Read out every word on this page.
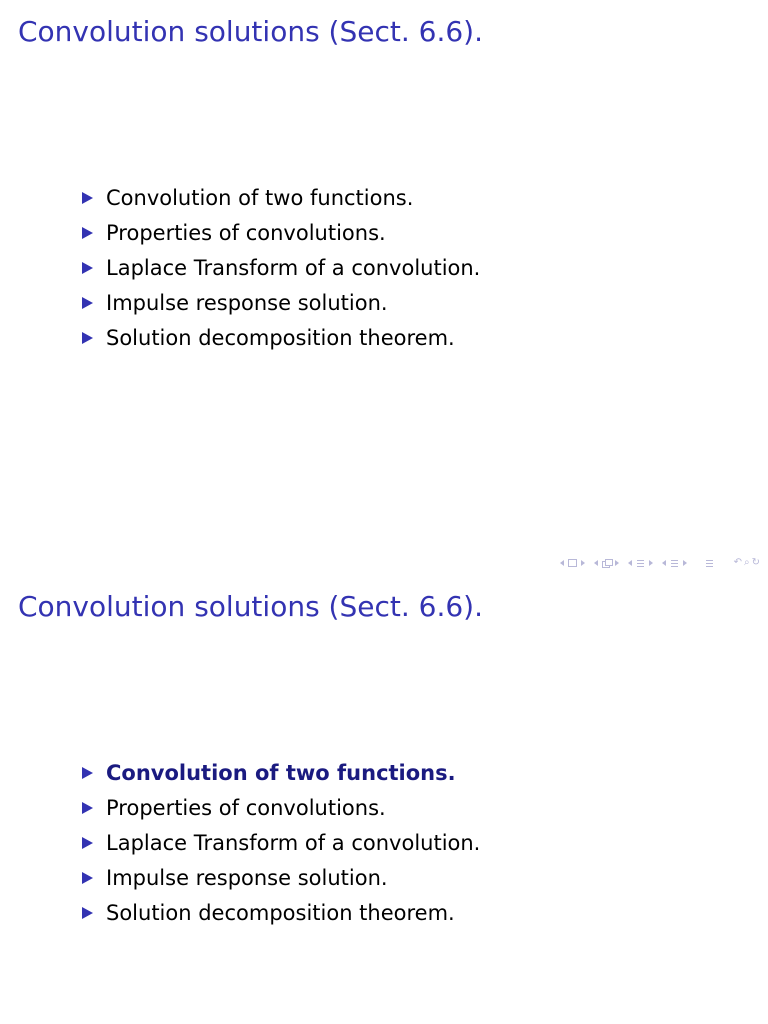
Convolution solutions (Sect. 6.6).
Convolution of two functions.
Properties of convolutions.
Laplace Transform of a convolution.
Impulse response solution.
Solution decomposition theorem.
↶ ⌕ ↻
Convolution solutions (Sect. 6.6).
Convolution of two functions.
Properties of convolutions.
Laplace Transform of a convolution.
Impulse response solution.
Solution decomposition theorem.
